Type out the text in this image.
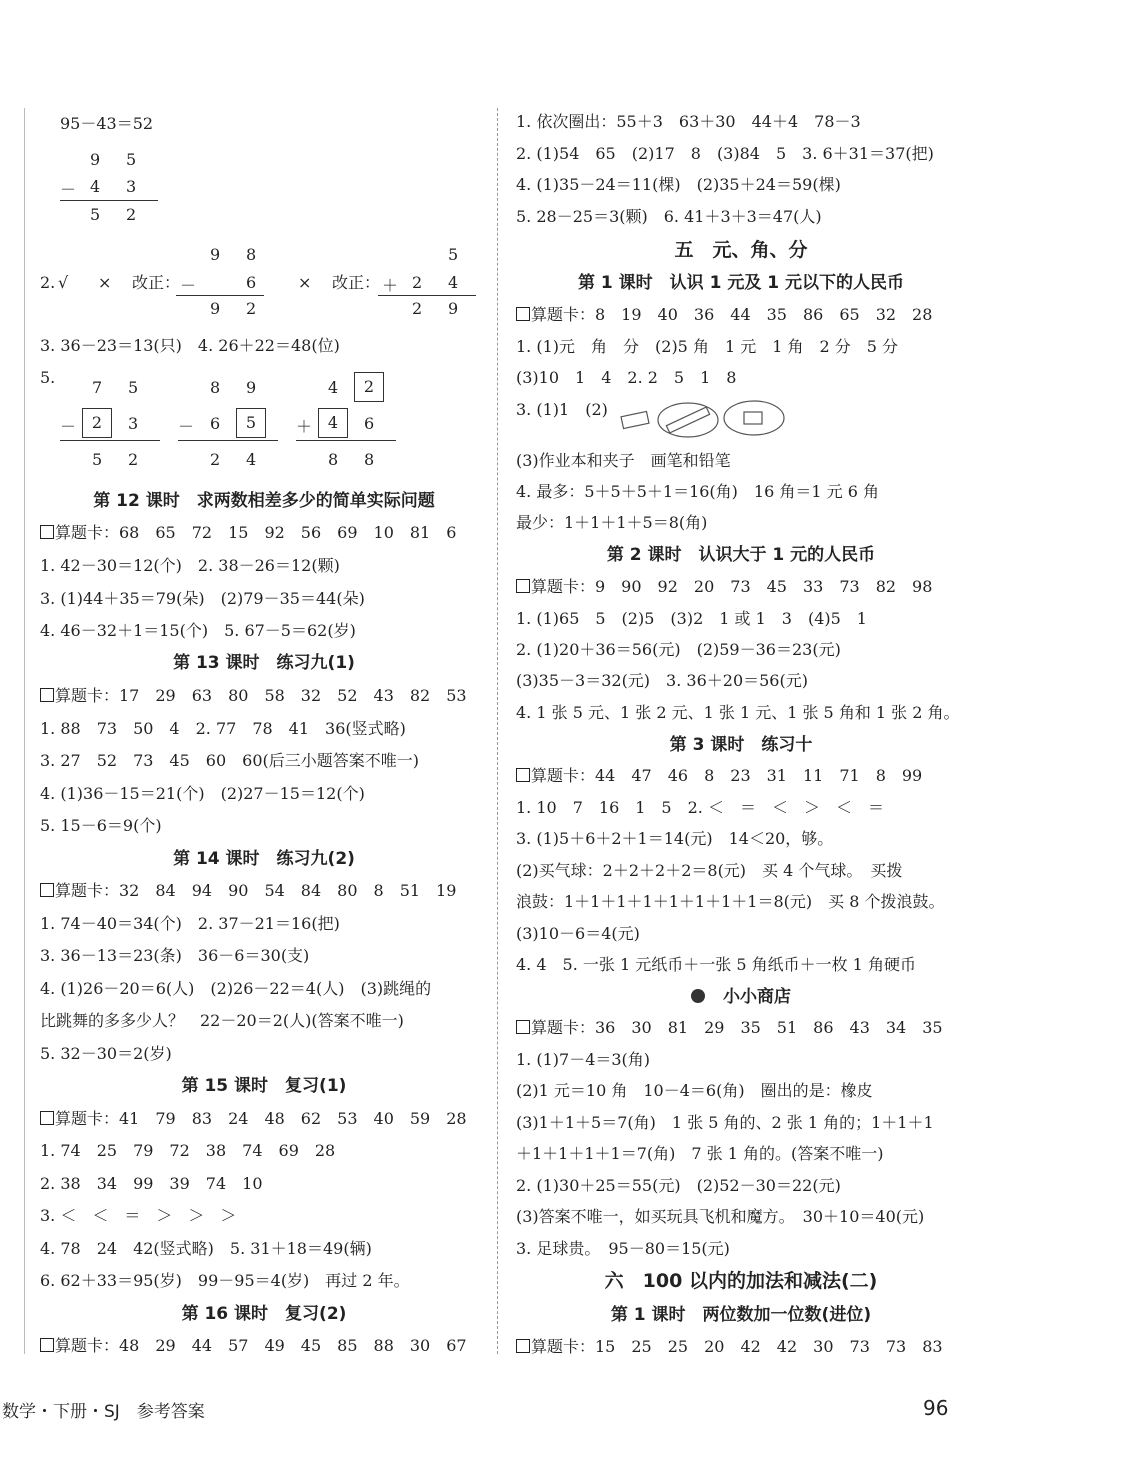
95－43＝52
9 5
－ 4 3
5 2
2. √ × 改正：
9 8
－	6
9 2
× 改正：
5
＋ 2 4
2 9
3. 36－23＝13(只)　4. 26＋22＝48(位)
5.
7 5
－ 2	3
5 2
8 9
－ 6	5
2 4
4	2
＋ 4	6
8 8
第 12 课时　求两数相差多少的简单实际问题
算题卡：68　65　72　15　92　56　69　10　81　6
1. 42－30＝12(个)　2. 38－26＝12(颗)
3. (1)44＋35＝79(朵)　(2)79－35＝44(朵)
4. 46－32＋1＝15(个)　5. 67－5＝62(岁)
第 13 课时　练习九(1)
算题卡：17　29　63　80　58　32　52　43　82　53
1. 88　73　50　4　2. 77　78　41　36(竖式略)
3. 27　52　73　45　60　60(后三小题答案不唯一)
4. (1)36－15＝21(个)　(2)27－15＝12(个)
5. 15－6＝9(个)
第 14 课时　练习九(2)
算题卡：32　84　94　90　54　84　80　8　51　19
1. 74－40＝34(个)　2. 37－21＝16(把)
3. 36－13＝23(条)　36－6＝30(支)
4. (1)26－20＝6(人)　(2)26－22＝4(人)　(3)跳绳的
比跳舞的多多少人？　22－20＝2(人)(答案不唯一)
5. 32－30＝2(岁)
第 15 课时　复习(1)
算题卡：41　79　83　24　48　62　53　40　59　28
1. 74　25　79　72　38　74　69　28
2. 38　34　99　39　74　10
3. ＜　＜　＝　＞　＞　＞
4. 78　24　42(竖式略)　5. 31＋18＝49(辆)
6. 62＋33＝95(岁)　99－95＝4(岁)　再过 2 年。
第 16 课时　复习(2)
算题卡：48　29　44　57　49　45　85　88　30　67
1. 依次圈出：55＋3　63＋30　44＋4　78－3
2. (1)54　65　(2)17　8　(3)84　5　3. 6＋31＝37(把)
4. (1)35－24＝11(棵)　(2)35＋24＝59(棵)
5. 28－25＝3(颗)　6. 41＋3＋3＝47(人)
五　元、角、分
第 1 课时　认识 1 元及 1 元以下的人民币
算题卡：8　19　40　36　44　35　86　65　32　28
1. (1)元　角　分　(2)5 角　1 元　1 角　2 分　5 分
(3)10　1　4　2. 2　5　1　8
3. (1)1　(2)
(3)作业本和夹子　画笔和铅笔
4. 最多：5＋5＋5＋1＝16(角)　16 角＝1 元 6 角
最少：1＋1＋1＋5＝8(角)
第 2 课时　认识大于 1 元的人民币
算题卡：9　90　92　20　73　45　33　73　82　98
1. (1)65　5　(2)5　(3)2　1 或 1　3　(4)5　1
2. (1)20＋36＝56(元)　(2)59－36＝23(元)
(3)35－3＝32(元)　3. 36＋20＝56(元)
4. 1 张 5 元、1 张 2 元、1 张 1 元、1 张 5 角和 1 张 2 角。
第 3 课时　练习十
算题卡：44　47　46　8　23　31　11　71　8　99
1. 10　7　16　1　5　2. ＜　＝　＜　＞　＜　＝
3. (1)5＋6＋2＋1＝14(元)　14＜20，够。
(2)买气球：2＋2＋2＋2＝8(元)　买 4 个气球。　买拨
浪鼓：1＋1＋1＋1＋1＋1＋1＋1＝8(元)　买 8 个拨浪鼓。
(3)10－6＝4(元)
4. 4　5. 一张 1 元纸币＋一张 5 角纸币＋一枚 1 角硬币
小小商店
算题卡：36　30　81　29　35　51　86　43　34　35
1. (1)7－4＝3(角)
(2)1 元＝10 角　10－4＝6(角)　圈出的是：橡皮
(3)1＋1＋5＝7(角)　1 张 5 角的、2 张 1 角的；1＋1＋1
＋1＋1＋1＋1＝7(角)　7 张 1 角的。(答案不唯一)
2. (1)30＋25＝55(元)　(2)52－30＝22(元)
(3)答案不唯一，如买玩具飞机和魔方。　30＋10＝40(元)
3. 足球贵。　95－80＝15(元)
六　100 以内的加法和减法(二)
第 1 课时　两位数加一位数(进位)
算题卡：15　25　25　20　42　42　30　73　73　83
数学・下册・SJ　参考答案	96
